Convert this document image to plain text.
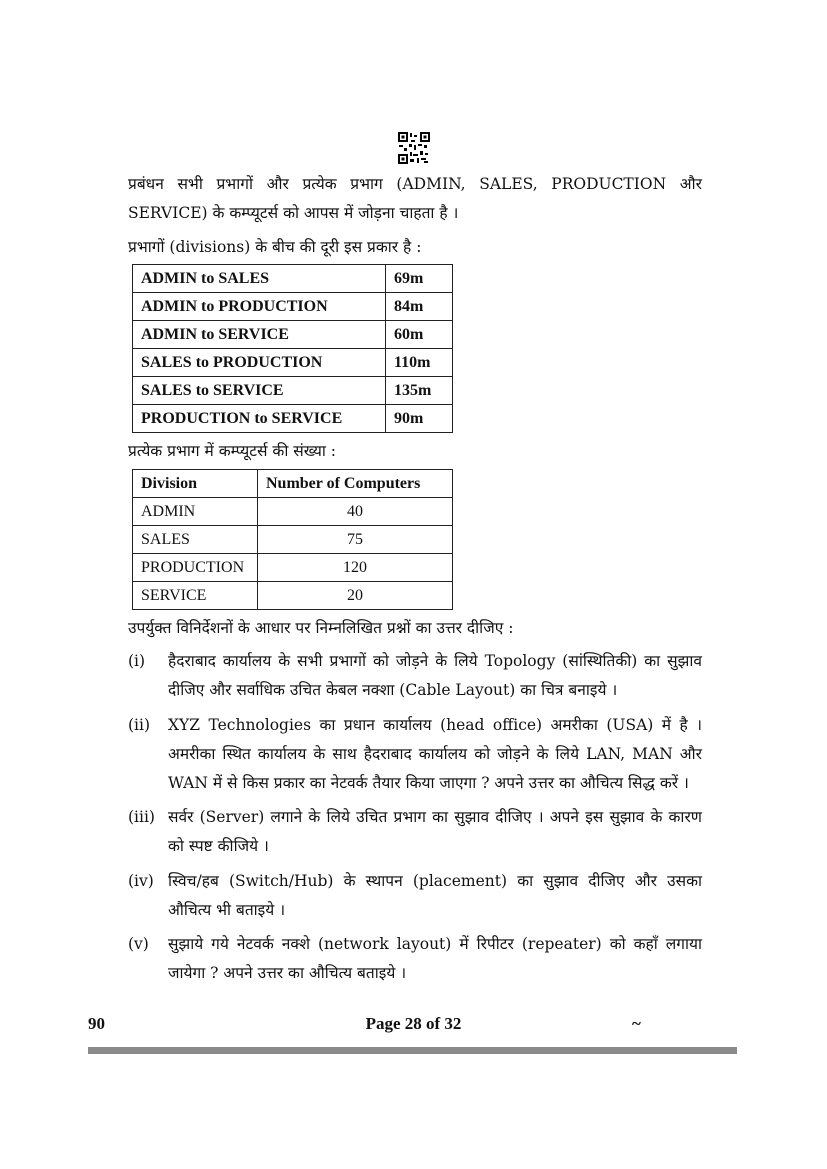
प्रबंधन सभी प्रभागों और प्रत्येक प्रभाग (ADMIN, SALES, PRODUCTION और SERVICE) के कम्प्यूटर्स को आपस में जोड़ना चाहता है ।
प्रभागों (divisions) के बीच की दूरी इस प्रकार है :
ADMIN to SALES	69m
ADMIN to PRODUCTION	84m
ADMIN to SERVICE	60m
SALES to PRODUCTION	110m
SALES to SERVICE	135m
PRODUCTION to SERVICE	90m
प्रत्येक प्रभाग में कम्प्यूटर्स की संख्या :
Division	Number of Computers
ADMIN	40
SALES	75
PRODUCTION	120
SERVICE	20
उपर्युक्त विनिर्देशनों के आधार पर निम्नलिखित प्रश्नों का उत्तर दीजिए :
(i) हैदराबाद कार्यालय के सभी प्रभागों को जोड़ने के लिये Topology (सांस्थितिकी) का सुझाव दीजिए और सर्वाधिक उचित केबल नक्शा (Cable Layout) का चित्र बनाइये ।
(ii) XYZ Technologies का प्रधान कार्यालय (head office) अमरीका (USA) में है । अमरीका स्थित कार्यालय के साथ हैदराबाद कार्यालय को जोड़ने के लिये LAN, MAN और WAN में से किस प्रकार का नेटवर्क तैयार किया जाएगा ? अपने उत्तर का औचित्य सिद्ध करें ।
(iii) सर्वर (Server) लगाने के लिये उचित प्रभाग का सुझाव दीजिए । अपने इस सुझाव के कारण को स्पष्ट कीजिये ।
(iv) स्विच/हब (Switch/Hub) के स्थापन (placement) का सुझाव दीजिए और उसका औचित्य भी बताइये ।
(v) सुझाये गये नेटवर्क नक्शे (network layout) में रिपीटर (repeater) को कहाँ लगाया जायेगा ? अपने उत्तर का औचित्य बताइये ।
Page 28 of 32
90	~
